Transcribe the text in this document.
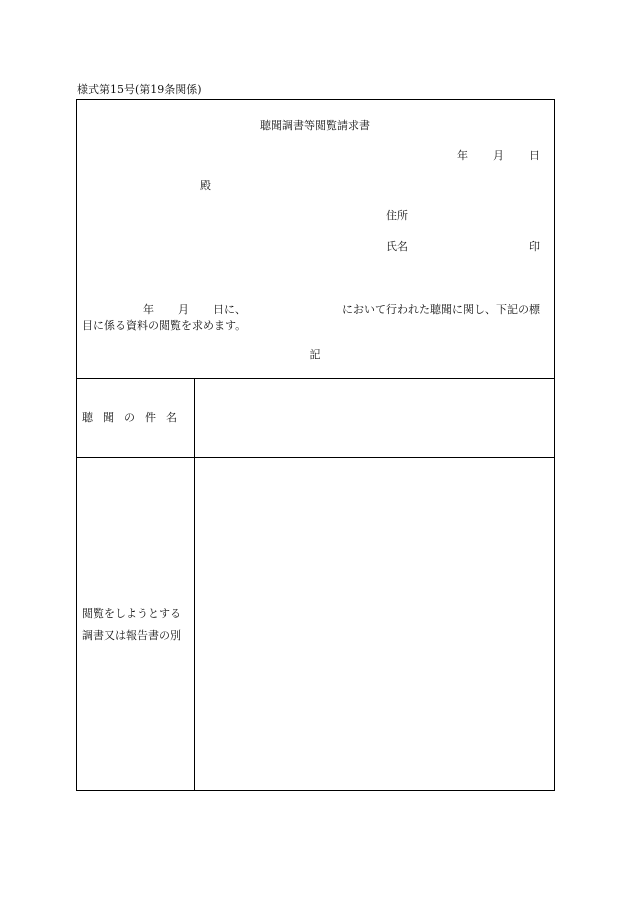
様式第15号(第19条関係)
聴聞調書等閲覧請求書
年 月 日
殿
住所
氏名	印
年 月 日に、	において行われた聴聞に関し、下記の標
目に係る資料の閲覧を求めます。
記
聴聞の件名
閲覧をしようとする
調書又は報告書の別
